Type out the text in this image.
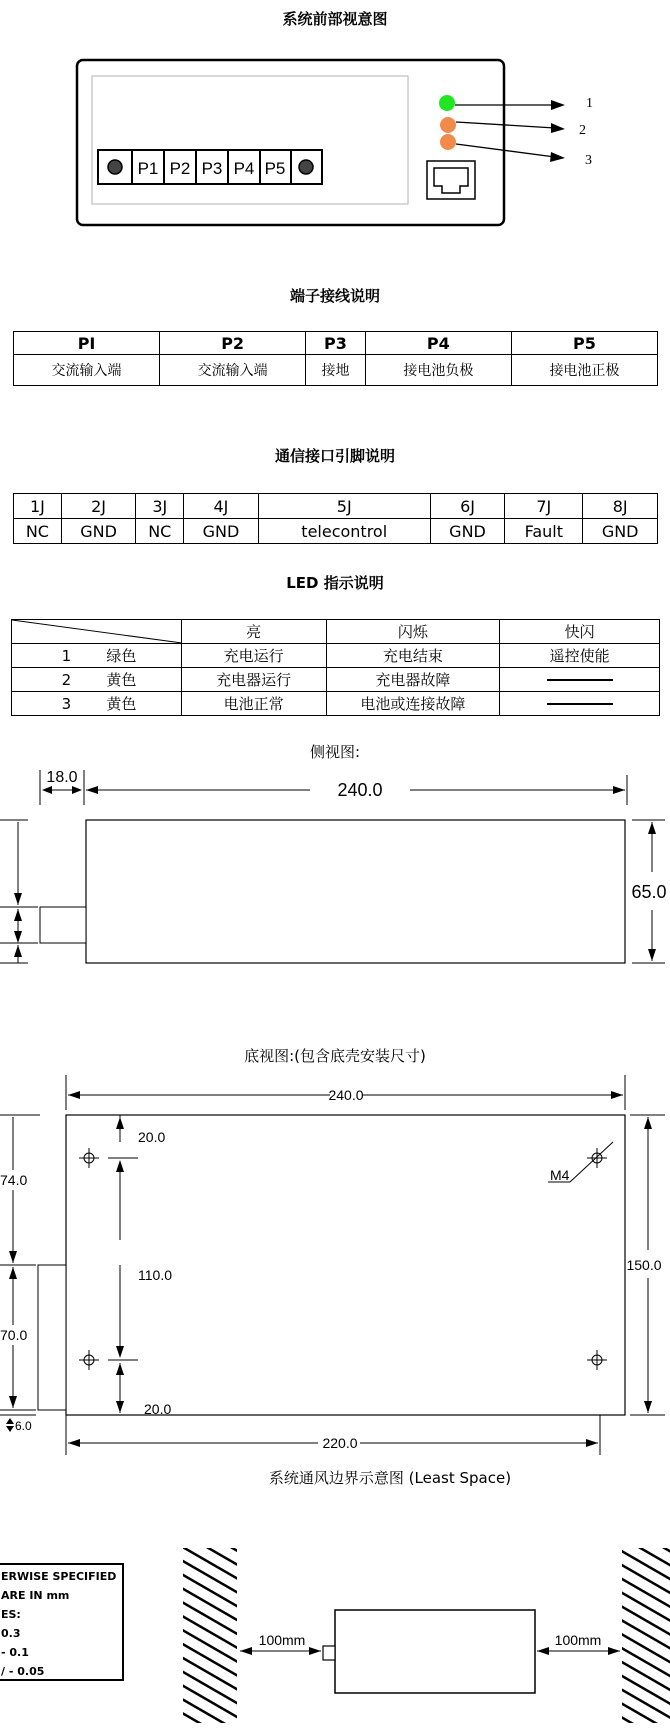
系统前部视意图
P1 P2 P3 P4 P5
1
2
3
端子接线说明
PI	P2	P3	P4	P5
交流输入端	交流输入端	接地	接电池负极	接电池正极
通信接口引脚说明
1J	2J	3J	4J	5J	6J	7J	8J
NC	GND	NC	GND	telecontrol	GND	Fault	GND
LED 指示说明
	亮	闪烁	快闪
1 绿色	充电运行	充电结束	遥控使能
2 黄色	充电器运行	充电器故障	
3 黄色	电池正常	电池或连接故障	
侧视图:
18.0
240.0
65.0
底视图:(包含底壳安装尺寸)
240.0
74.0
70.0
6.0
20.0
110.0
20.0
M4
150.0
220.0
系统通风边界示意图 (Least Space)
ERWISE SPECIFIED
ARE IN mm
ES:
0.3
- 0.1
/ - 0.05
100mm	100mm
